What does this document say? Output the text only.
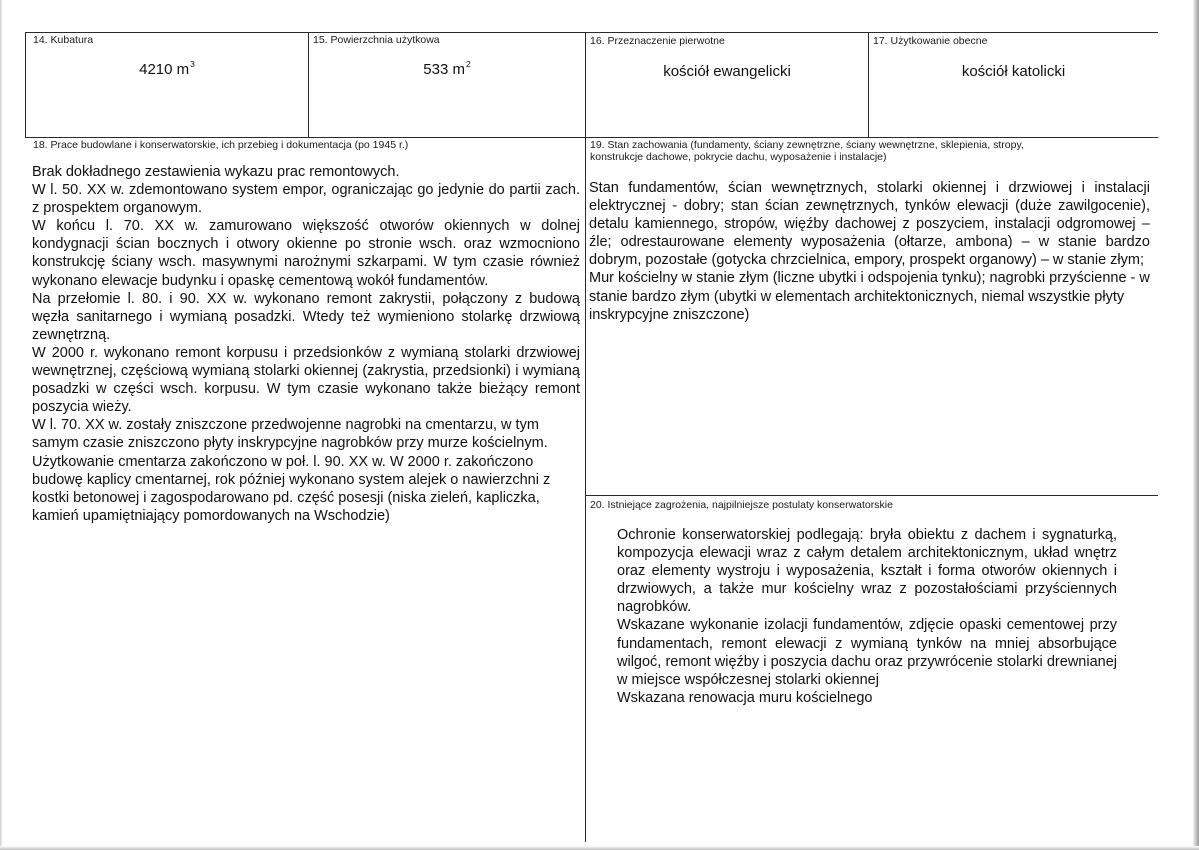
14. Kubatura
4210 $m^3$
15. Powierzchnia użytkowa
533 $m^2$
16. Przeznaczenie pierwotne
kościół ewangelicki
17. Użytkowanie obecne
kościół katolicki
18. Prace budowlane i konserwatorskie, ich przebieg i dokumentacja (po 1945 r.)

Brak dokładnego zestawienia wykazu prac remontowych.

W l. 50. XX w. zdemontowano system empor, ograniczając go jedynie do partii zach. z prospektem organowym.

W końcu l. 70. XX w. zamurowano większość otworów okiennych w dolnej kondygnacji ścian bocznych i otwory okienne po stronie wsch. oraz wzmocniono konstrukcję ściany wsch. masywnymi narożnymi szkarpami. W tym czasie również wykonano elewacje budynku i opaskę cementową wokół fundamentów.

Na przełomie l. 80. i 90. XX w. wykonano remont zakrystii, połączony z budową węzła sanitarnego i wymianą posadzki. Wtedy też wymieniono stolarkę drzwiową zewnętrzną.

W 2000 r. wykonano remont korpusu i przedsionków z wymianą stolarki drzwiowej wewnętrznej, częściową wymianą stolarki okiennej (zakrystia, przedsionki) i wymianą posadzki w części wsch. korpusu. W tym czasie wykonano także bieżący remont poszycia wieży.

W l. 70. XX w. zostały zniszczone przedwojenne nagrobki na cmentarzu, w tym samym czasie zniszczono płyty inskrypcyjne nagrobków przy murze kościelnym. Użytkowanie cmentarza zakończono w poł. l. 90. XX w. W 2000 r. zakończono budowę kaplicy cmentarnej, rok później wykonano system alejek o nawierzchni z kostki betonowej i zagospodarowano pd. część posesji (niska zieleń, kapliczka, kamień upamiętniający pomordowanych na Wschodzie)

19. Stan zachowania (fundamenty, ściany zewnętrzne, ściany wewnętrzne, sklepienia, stropy, konstrukcje dachowe, pokrycie dachu, wyposażenie i instalacje)

Stan fundamentów, ścian wewnętrznych, stolarki okiennej i drzwiowej i instalacji elektrycznej - dobry; stan ścian zewnętrznych, tynków elewacji (duże zawilgocenie), detalu kamiennego, stropów, więźby dachowej z poszyciem, instalacji odgromowej – źle; odrestaurowane elementy wyposażenia (ołtarze, ambona) – w stanie bardzo dobrym, pozostałe (gotycka chrzcielnica, empory, prospekt organowy) – w stanie złym;

Mur kościelny w stanie złym (liczne ubytki i odspojenia tynku); nagrobki przyścienne - w stanie bardzo złym (ubytki w elementach architektonicznych, niemal wszystkie płyty inskrypcyjne zniszczone)

20. Istniejące zagrożenia, najpilniejsze postulaty konserwatorskie

Ochronie konserwatorskiej podlegają: bryła obiektu z dachem i sygnaturką, kompozycja elewacji wraz z całym detalem architektonicznym, układ wnętrz oraz elementy wystroju i wyposażenia, kształt i forma otworów okiennych i drzwiowych, a także mur kościelny wraz z pozostałościami przyściennych nagrobków.

Wskazane wykonanie izolacji fundamentów, zdjęcie opaski cementowej przy fundamentach, remont elewacji z wymianą tynków na mniej absorbujące wilgoć, remont więźby i poszycia dachu oraz przywrócenie stolarki drewnianej w miejsce współczesnej stolarki okiennej

Wskazana renowacja muru kościelnego
